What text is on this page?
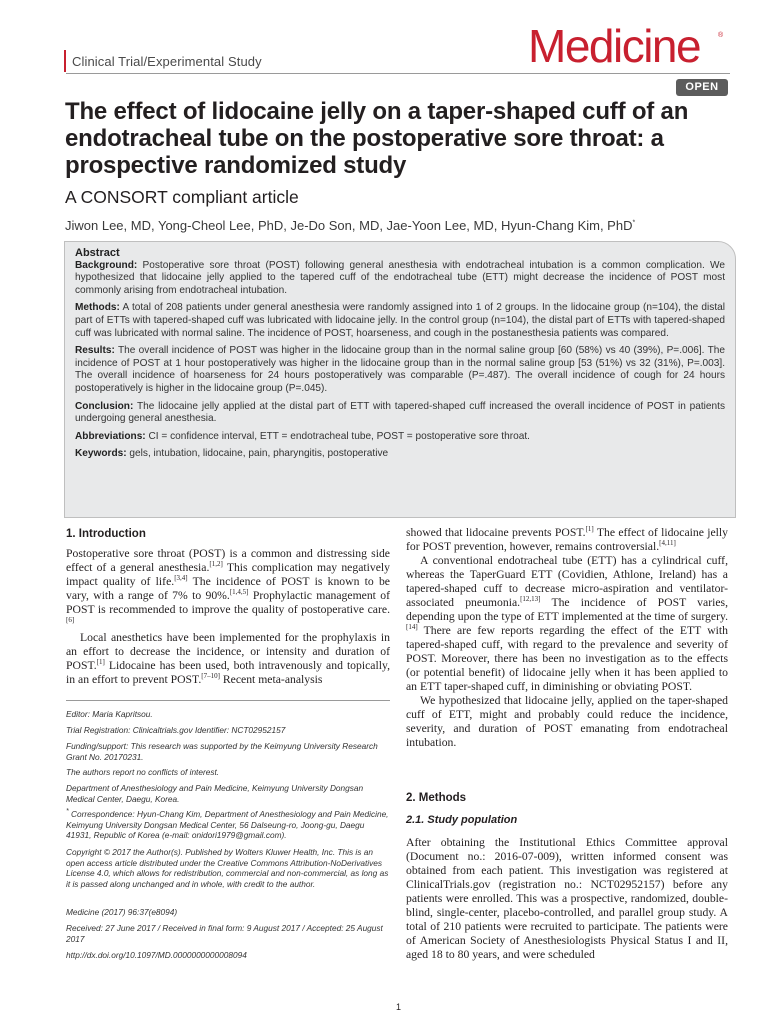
Clinical Trial/Experimental Study	Medicine	®
OPEN
The effect of lidocaine jelly on a taper-shaped cuff of an endotracheal tube on the postoperative sore throat: a prospective randomized study
A CONSORT compliant article
Jiwon Lee, MD, Yong-Cheol Lee, PhD, Je-Do Son, MD, Jae-Yoon Lee, MD, Hyun-Chang Kim, PhD*
Abstract

Background: Postoperative sore throat (POST) following general anesthesia with endotracheal intubation is a common complication. We hypothesized that lidocaine jelly applied to the tapered cuff of the endotracheal tube (ETT) might decrease the incidence of POST most commonly arising from endotracheal intubation.

Methods: A total of 208 patients under general anesthesia were randomly assigned into 1 of 2 groups. In the lidocaine group (n=104), the distal part of ETTs with tapered-shaped cuff was lubricated with lidocaine jelly. In the control group (n=104), the distal part of ETTs with tapered-shaped cuff was lubricated with normal saline. The incidence of POST, hoarseness, and cough in the postanesthesia patients was compared.

Results: The overall incidence of POST was higher in the lidocaine group than in the normal saline group [60 (58%) vs 40 (39%), P=.006]. The incidence of POST at 1 hour postoperatively was higher in the lidocaine group than in the normal saline group [53 (51%) vs 32 (31%), P=.003]. The overall incidence of hoarseness for 24 hours postoperatively was comparable (P=.487). The overall incidence of cough for 24 hours postoperatively is higher in the lidocaine group (P=.045).

Conclusion: The lidocaine jelly applied at the distal part of ETT with tapered-shaped cuff increased the overall incidence of POST in patients undergoing general anesthesia.

Abbreviations: CI = confidence interval, ETT = endotracheal tube, POST = postoperative sore throat.

Keywords: gels, intubation, lidocaine, pain, pharyngitis, postoperative

1. Introduction

Postoperative sore throat (POST) is a common and distressing side effect of a general anesthesia.[1,2] This complication may negatively impact quality of life.[3,4] The incidence of POST is known to be vary, with a range of 7% to 90%.[1,4,5] Prophylactic management of POST is recommended to improve the quality of postoperative care.[6]

Local anesthetics have been implemented for the prophylaxis in an effort to decrease the incidence, or intensity and duration of POST.[1] Lidocaine has been used, both intravenously and topically, in an effort to prevent POST.[7–10] Recent meta-analysis

Editor: Maria Kapritsou.
Trial Registration: Clinicaltrials.gov Identifier: NCT02952157
Funding/support: This research was supported by the Keimyung University Research Grant No. 20170231.
The authors report no conflicts of interest.
Department of Anesthesiology and Pain Medicine, Keimyung University Dongsan Medical Center, Daegu, Korea.
* Correspondence: Hyun-Chang Kim, Department of Anesthesiology and Pain Medicine, Keimyung University Dongsan Medical Center, 56 Dalseung-ro, Joong-gu, Daegu 41931, Republic of Korea (e-mail: onidori1979@gmail.com).
Copyright © 2017 the Author(s). Published by Wolters Kluwer Health, Inc. This is an open access article distributed under the Creative Commons Attribution-NoDerivatives License 4.0, which allows for redistribution, commercial and non-commercial, as long as it is passed along unchanged and in whole, with credit to the author.
Medicine (2017) 96:37(e8094)
Received: 27 June 2017 / Received in final form: 9 August 2017 / Accepted: 25 August 2017
http://dx.doi.org/10.1097/MD.0000000000008094

showed that lidocaine prevents POST.[1] The effect of lidocaine jelly for POST prevention, however, remains controversial.[4,11]

A conventional endotracheal tube (ETT) has a cylindrical cuff, whereas the TaperGuard ETT (Covidien, Athlone, Ireland) has a tapered-shaped cuff to decrease micro-aspiration and ventilator-associated pneumonia.[12,13] The incidence of POST varies, depending upon the type of ETT implemented at the time of surgery.[14] There are few reports regarding the effect of the ETT with tapered-shaped cuff, with regard to the prevalence and severity of POST. Moreover, there has been no investigation as to the effects (or potential benefit) of lidocaine jelly when it has been applied to an ETT taper-shaped cuff, in diminishing or obviating POST.

We hypothesized that lidocaine jelly, applied on the taper-shaped cuff of ETT, might and probably could reduce the incidence, severity, and duration of POST emanating from endotracheal intubation.

2. Methods
2.1. Study population

After obtaining the Institutional Ethics Committee approval (Document no.: 2016-07-009), written informed consent was obtained from each patient. This investigation was registered at ClinicalTrials.gov (registration no.: NCT02952157) before any patients were enrolled. This was a prospective, randomized, double-blind, single-center, placebo-controlled, and parallel group study. A total of 210 patients were recruited to participate. The patients were of American Society of Anesthesiologists Physical Status I and II, aged 18 to 80 years, and were scheduled

1
